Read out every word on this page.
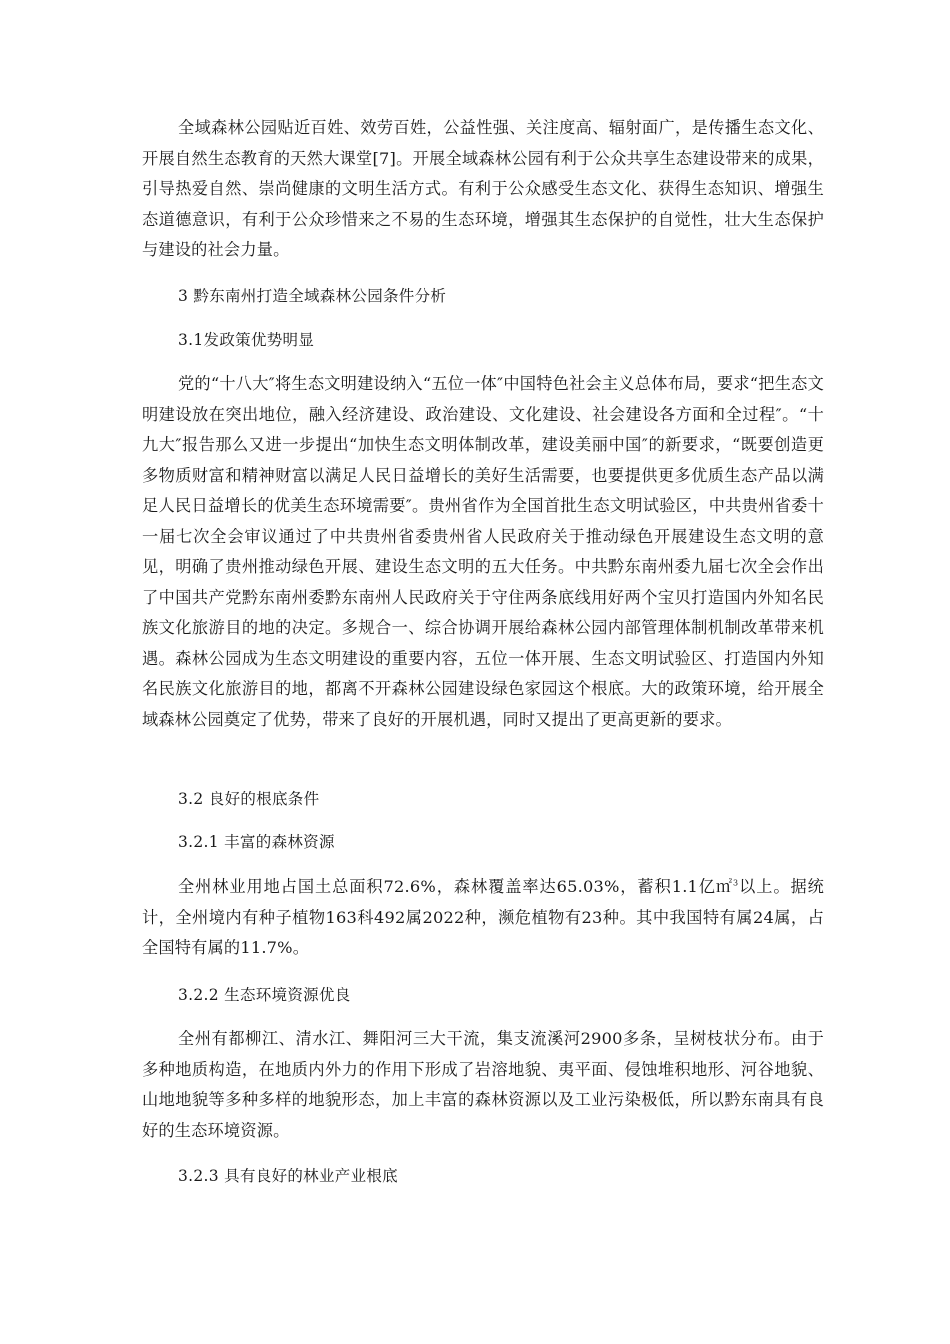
全域森林公园贴近百姓、效劳百姓，公益性强、关注度高、辐射面广，是传播生态文化、开展自然生态教育的天然大课堂[7]。开展全域森林公园有利于公众共享生态建设带来的成果，引导热爱自然、崇尚健康的文明生活方式。有利于公众感受生态文化、获得生态知识、增强生态道德意识，有利于公众珍惜来之不易的生态环境，增强其生态保护的自觉性，壮大生态保护与建设的社会力量。

3 黔东南州打造全域森林公园条件分析

3.1发政策优势明显

党的“十八大″将生态文明建设纳入“五位一体″中国特色社会主义总体布局，要求“把生态文明建设放在突出地位，融入经济建设、政治建设、文化建设、社会建设各方面和全过程″。“十九大″报告那么又进一步提出“加快生态文明体制改革，建设美丽中国″的新要求，“既要创造更多物质财富和精神财富以满足人民日益增长的美好生活需要，也要提供更多优质生态产品以满足人民日益增长的优美生态环境需要″。贵州省作为全国首批生态文明试验区，中共贵州省委十一届七次全会审议通过了中共贵州省委贵州省人民政府关于推动绿色开展建设生态文明的意见，明确了贵州推动绿色开展、建设生态文明的五大任务。中共黔东南州委九届七次全会作出了中国共产党黔东南州委黔东南州人民政府关于守住两条底线用好两个宝贝打造国内外知名民族文化旅游目的地的决定。多规合一、综合协调开展给森林公园内部管理体制机制改革带来机遇。森林公园成为生态文明建设的重要内容，五位一体开展、生态文明试验区、打造国内外知名民族文化旅游目的地，都离不开森林公园建设绿色家园这个根底。大的政策环境，给开展全域森林公园奠定了优势，带来了良好的开展机遇，同时又提出了更高更新的要求。

3.2 良好的根底条件

3.2.1 丰富的森林资源

全州林业用地占国土总面积72.6%，森林覆盖率达65.03%，蓄积1.1亿㎡$^3$以上。据统计，全州境内有种子植物163科492属2022种，濒危植物有23种。其中我国特有属24属，占全国特有属的11.7%。

3.2.2 生态环境资源优良

全州有都柳江、清水江、舞阳河三大干流，集支流溪河2900多条，呈树枝状分布。由于多种地质构造，在地质内外力的作用下形成了岩溶地貌、夷平面、侵蚀堆积地形、河谷地貌、山地地貌等多种多样的地貌形态，加上丰富的森林资源以及工业污染极低，所以黔东南具有良好的生态环境资源。

3.2.3 具有良好的林业产业根底
